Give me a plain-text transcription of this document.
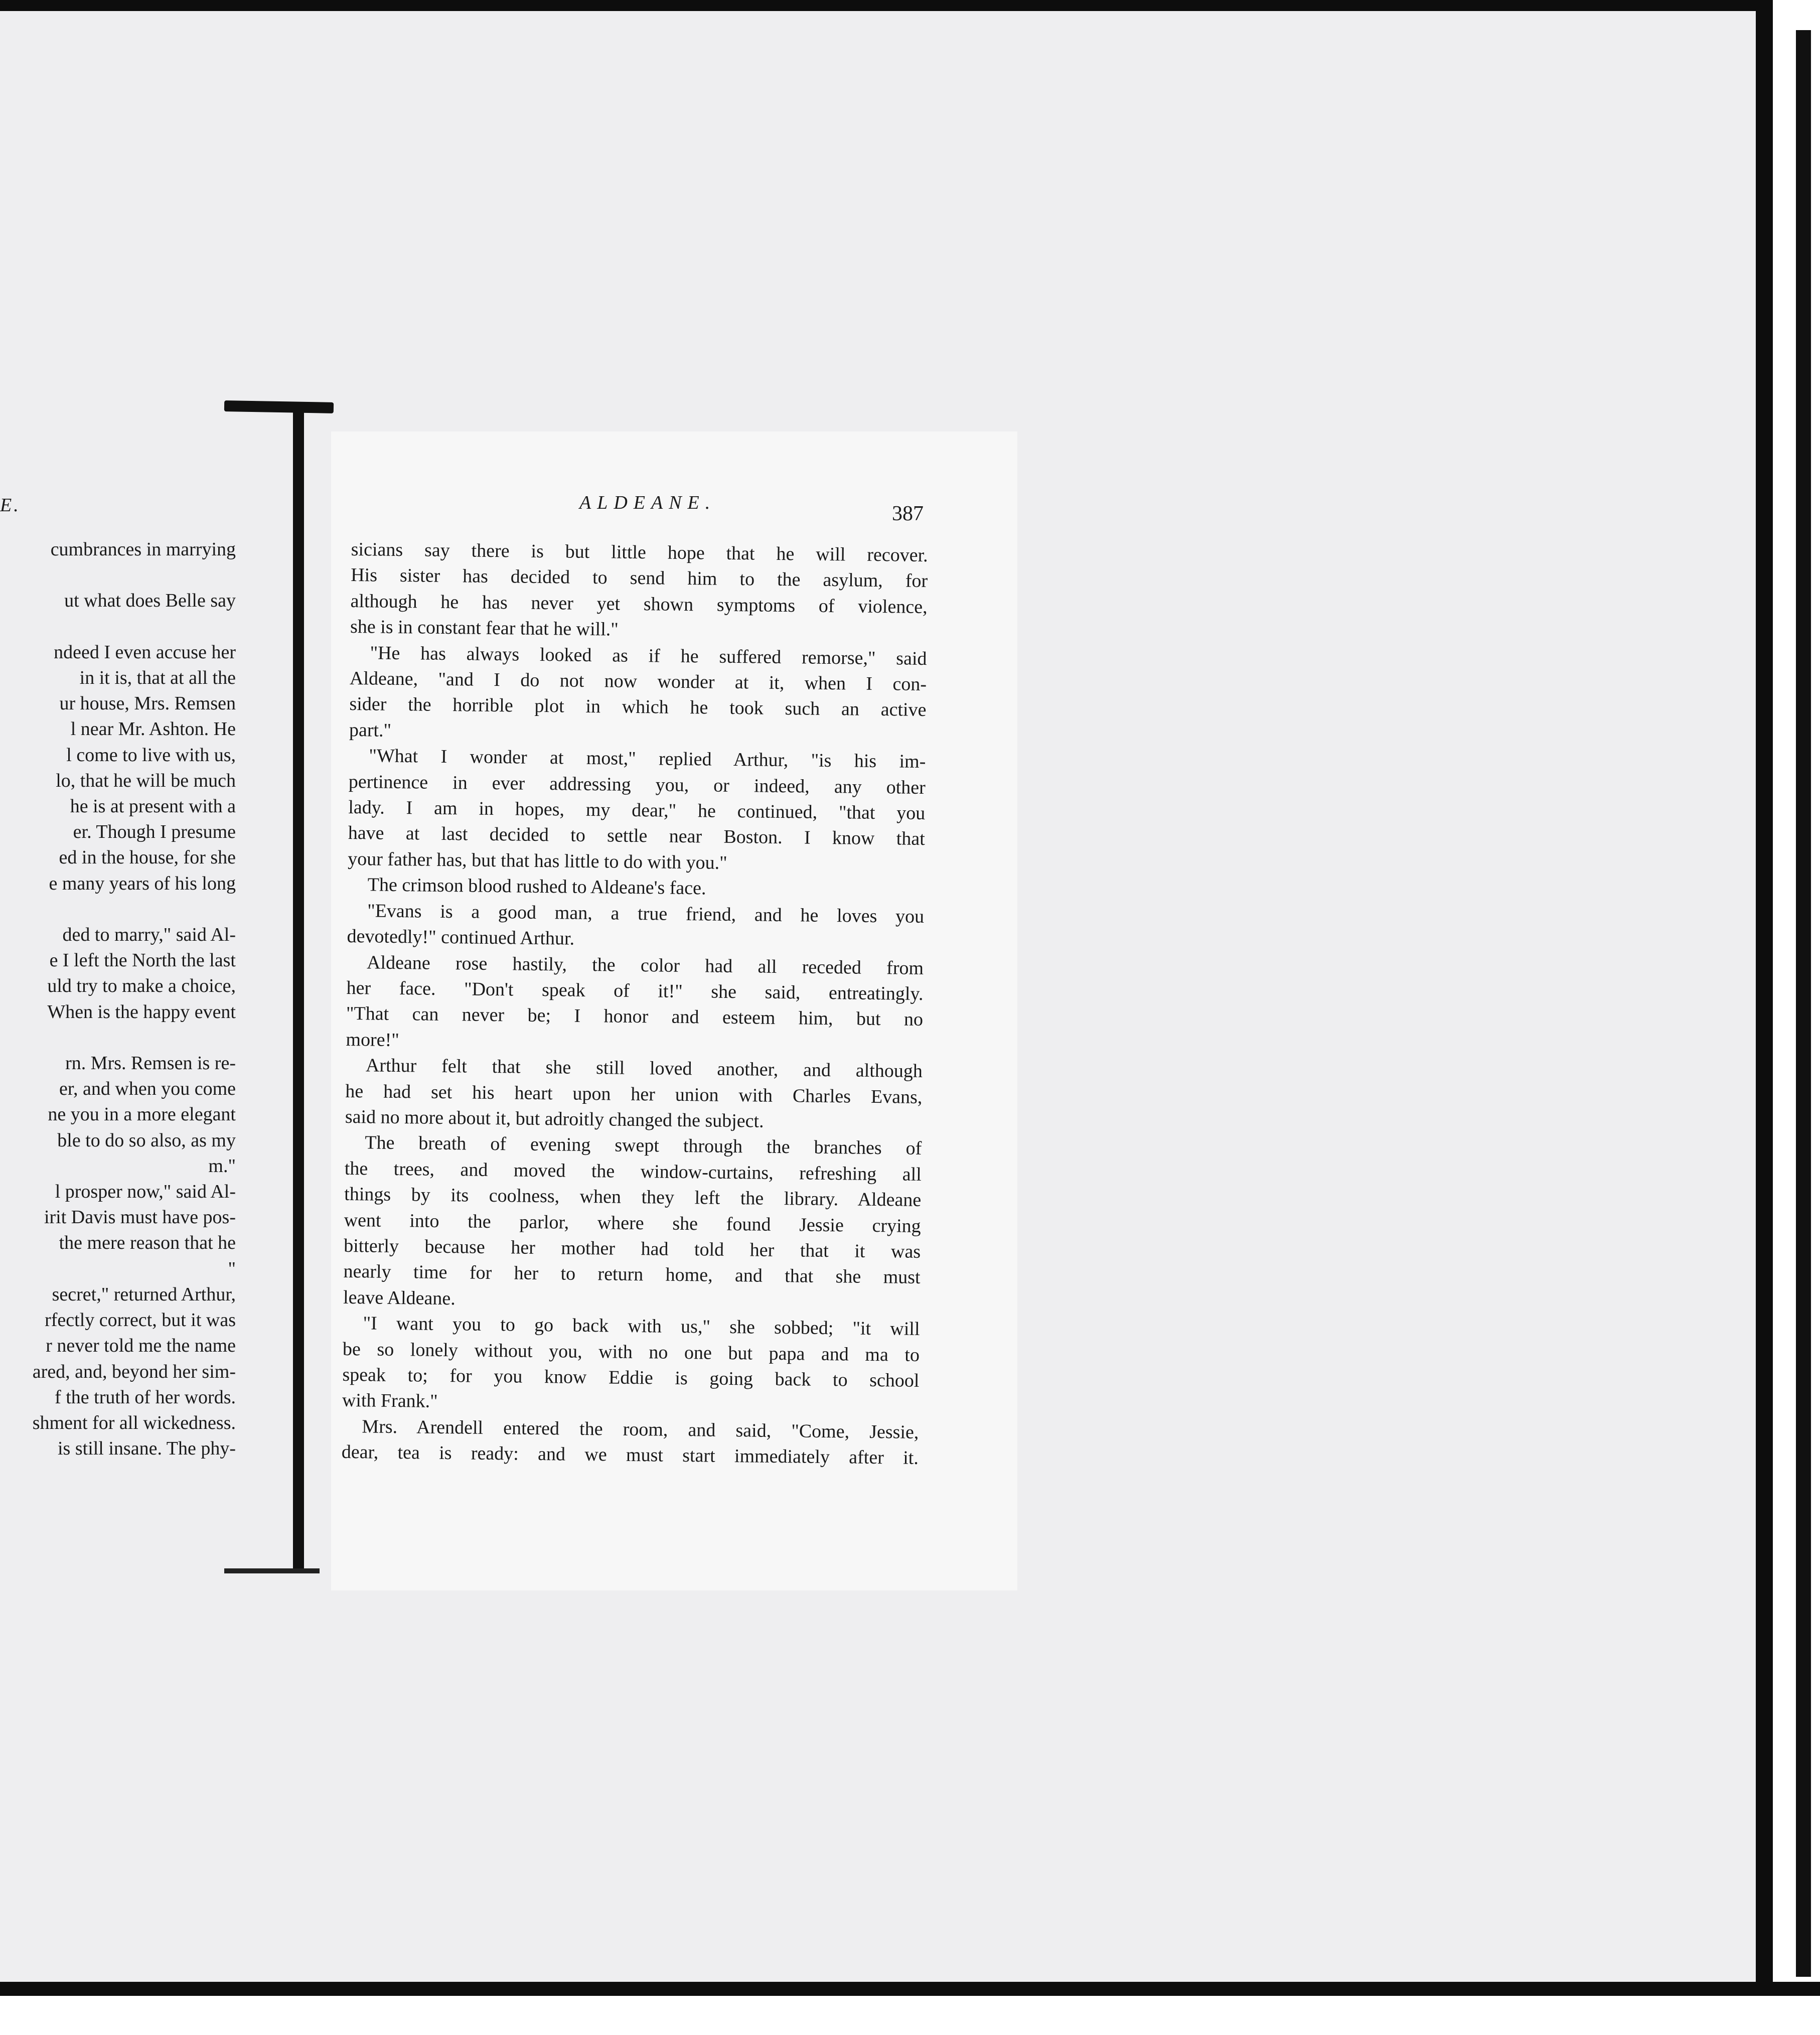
E.
cumbrances in marrying

ut what does Belle say

ndeed I even accuse her
in it is, that at all the
ur house, Mrs. Remsen
l near Mr. Ashton. He
l come to live with us,
lo, that he will be much
he is at present with a
er. Though I presume
ed in the house, for she
e many years of his long

ded to marry," said Al-
e I left the North the last
uld try to make a choice,
When is the happy event

rn. Mrs. Remsen is re-
er, and when you come
ne you in a more elegant
ble to do so also, as my
m."
l prosper now," said Al-
irit Davis must have pos-
the mere reason that he
"
secret," returned Arthur,
rfectly correct, but it was
r never told me the name
ared, and, beyond her sim-
f the truth of her words.
shment for all wickedness.
is still insane. The phy-
ALDEANE.	387
sicians say there is but little hope that he will recover.
His sister has decided to send him to the asylum, for
although he has never yet shown symptoms of violence,
she is in constant fear that he will."
"He has always looked as if he suffered remorse," said
Aldeane, "and I do not now wonder at it, when I con-
sider the horrible plot in which he took such an active
part."
"What I wonder at most," replied Arthur, "is his im-
pertinence in ever addressing you, or indeed, any other
lady. I am in hopes, my dear," he continued, "that you
have at last decided to settle near Boston. I know that
your father has, but that has little to do with you."
The crimson blood rushed to Aldeane's face.
"Evans is a good man, a true friend, and he loves you
devotedly!" continued Arthur.
Aldeane rose hastily, the color had all receded from
her face. "Don't speak of it!" she said, entreatingly.
"That can never be; I honor and esteem him, but no
more!"
Arthur felt that she still loved another, and although
he had set his heart upon her union with Charles Evans,
said no more about it, but adroitly changed the subject.
The breath of evening swept through the branches of
the trees, and moved the window-curtains, refreshing all
things by its coolness, when they left the library. Aldeane
went into the parlor, where she found Jessie crying
bitterly because her mother had told her that it was
nearly time for her to return home, and that she must
leave Aldeane.
"I want you to go back with us," she sobbed; "it will
be so lonely without you, with no one but papa and ma to
speak to; for you know Eddie is going back to school
with Frank."
Mrs. Arendell entered the room, and said, "Come, Jessie,
dear, tea is ready: and we must start immediately after it.
